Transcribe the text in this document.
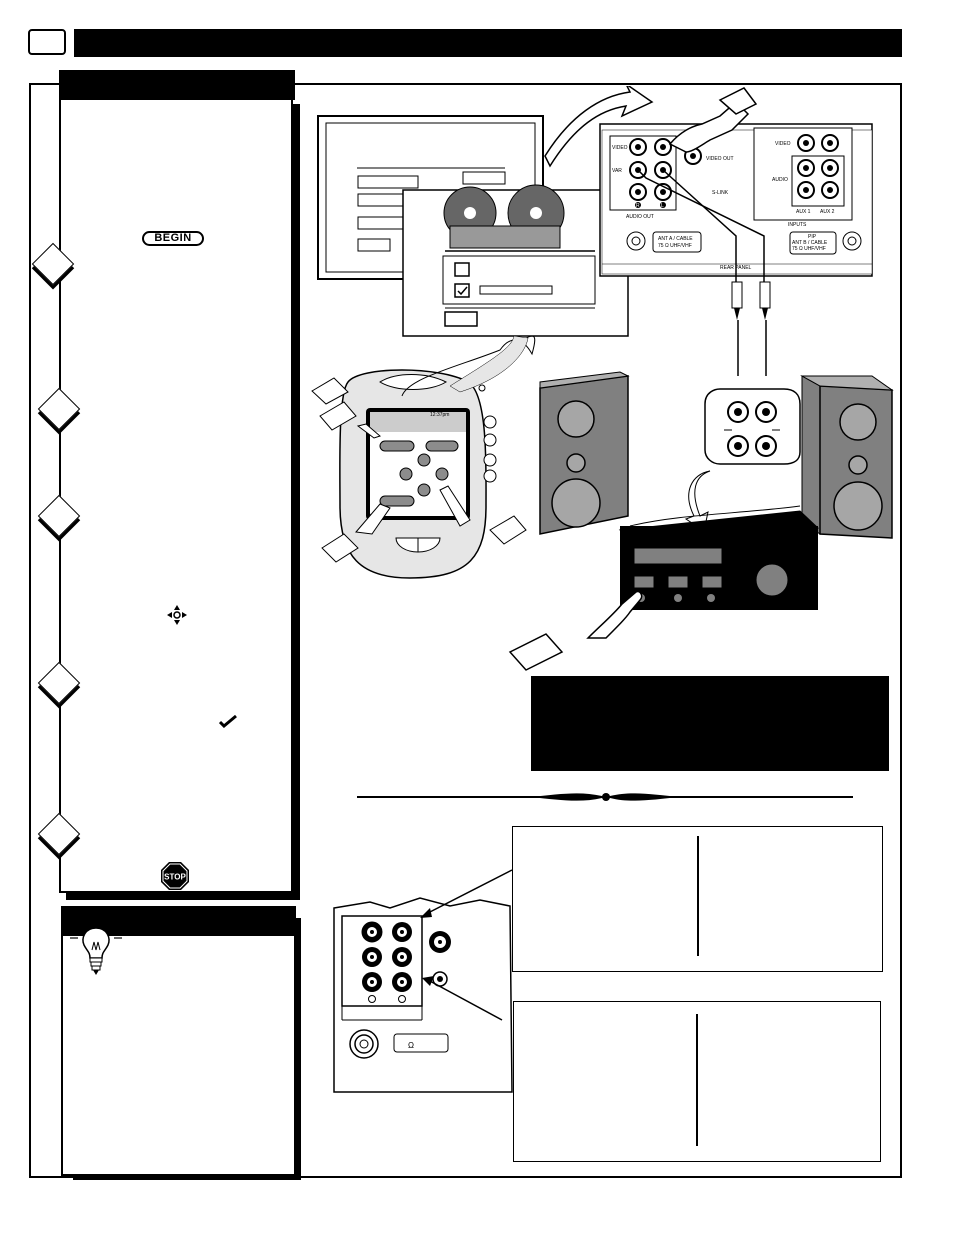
BEGIN
STOP
VIDEO
VAR
VIDEO OUT
AUDIO OUT
R	L
S-LINK
ANT A / CABLE
75 Ω UHF/VHF
REAR PANEL
VIDEO
AUDIO
INPUTS
AUX 1 AUX 2
PIP
ANT B / CABLE
75 Ω UHF/VHF
12:37pm
Ω
